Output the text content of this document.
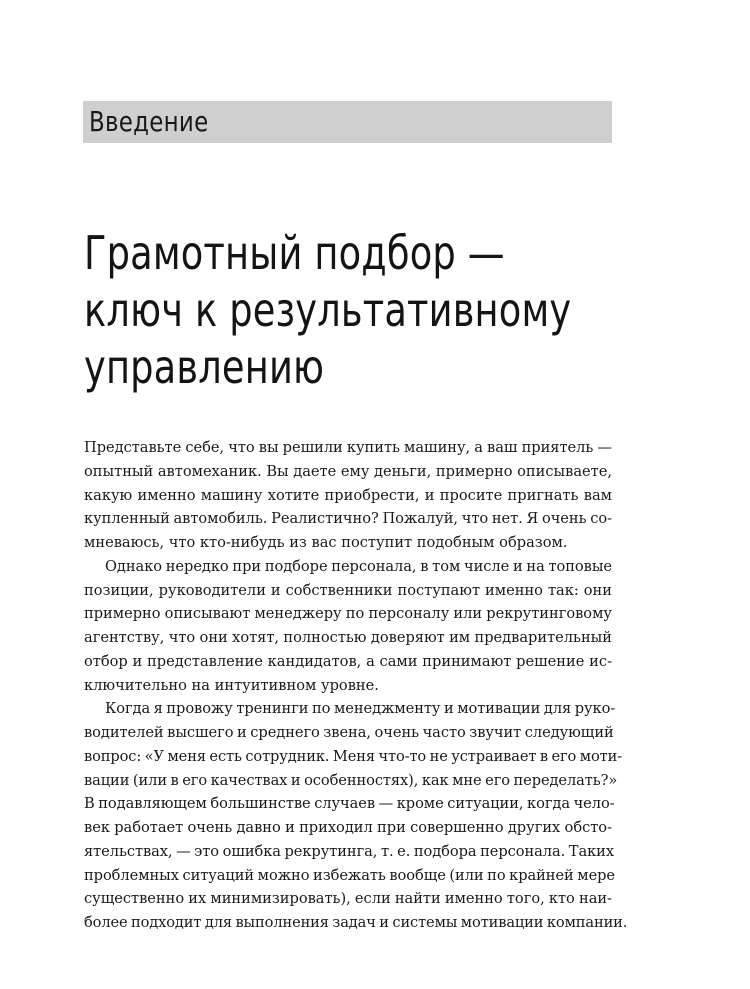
Введение
Грамотный подбор —
ключ к результативному
управлению
Представьте себе, что вы решили купить машину, а ваш приятель —
опытный автомеханик. Вы даете ему деньги, примерно описываете,
какую именно машину хотите приобрести, и просите пригнать вам
купленный автомобиль. Реалистично? Пожалуй, что нет. Я очень со-
мневаюсь, что кто-нибудь из вас поступит подобным образом.
Однако нередко при подборе персонала, в том числе и на топовые
позиции, руководители и собственники поступают именно так: они
примерно описывают менеджеру по персоналу или рекрутинговому
агентству, что они хотят, полностью доверяют им предварительный
отбор и представление кандидатов, а сами принимают решение ис-
ключительно на интуитивном уровне.
Когда я провожу тренинги по менеджменту и мотивации для руко-
водителей высшего и среднего звена, очень часто звучит следующий
вопрос: «У меня есть сотрудник. Меня что-то не устраивает в его моти-
вации (или в его качествах и особенностях), как мне его переделать?»
В подавляющем большинстве случаев — кроме ситуации, когда чело-
век работает очень давно и приходил при совершенно других обсто-
ятельствах, — это ошибка рекрутинга, т. е. подбора персонала. Таких
проблемных ситуаций можно избежать вообще (или по крайней мере
существенно их минимизировать), если найти именно того, кто наи-
более подходит для выполнения задач и системы мотивации компании.
